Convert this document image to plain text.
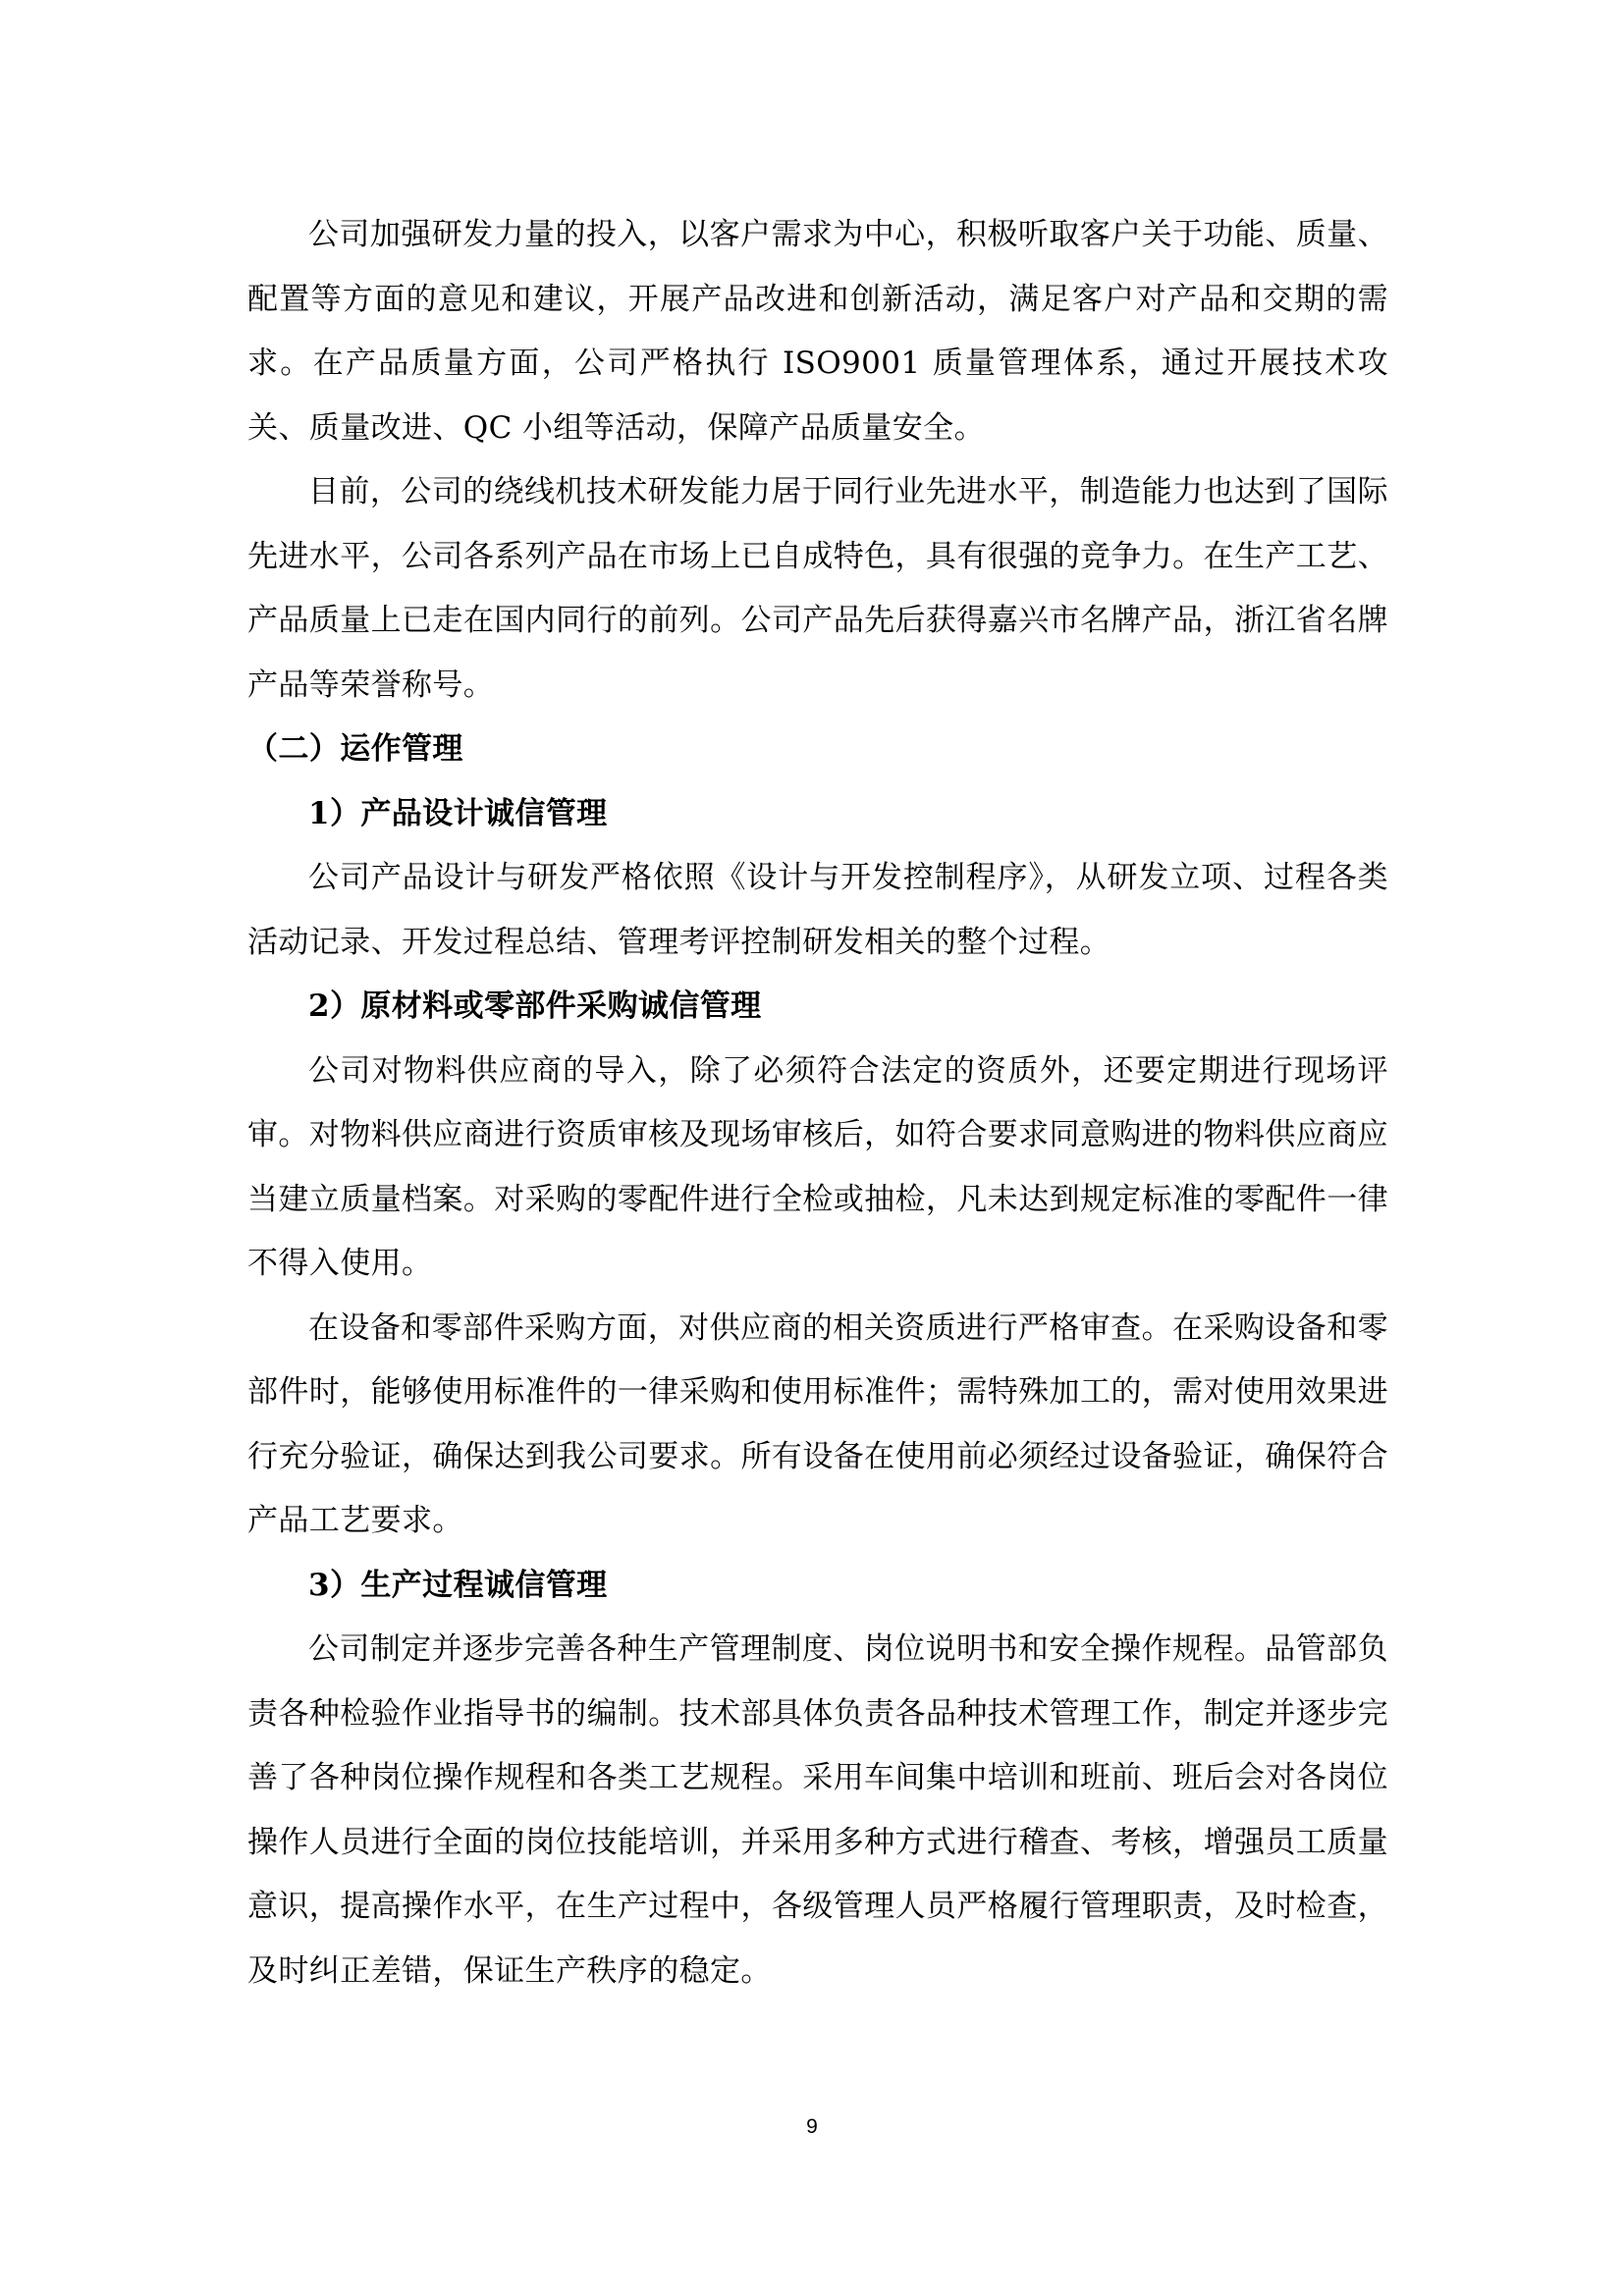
公司加强研发力量的投入，以客户需求为中心，积极听取客户关于功能、质量、配置等方面的意见和建议，开展产品改进和创新活动，满足客户对产品和交期的需求。在产品质量方面，公司严格执行 ISO9001 质量管理体系，通过开展技术攻关、质量改进、QC 小组等活动，保障产品质量安全。

目前，公司的绕线机技术研发能力居于同行业先进水平，制造能力也达到了国际先进水平，公司各系列产品在市场上已自成特色，具有很强的竞争力。在生产工艺、产品质量上已走在国内同行的前列。公司产品先后获得嘉兴市名牌产品，浙江省名牌产品等荣誉称号。

（二）运作管理

1）产品设计诚信管理

公司产品设计与研发严格依照《设计与开发控制程序》，从研发立项、过程各类活动记录、开发过程总结、管理考评控制研发相关的整个过程。

2）原材料或零部件采购诚信管理

公司对物料供应商的导入，除了必须符合法定的资质外，还要定期进行现场评审。对物料供应商进行资质审核及现场审核后，如符合要求同意购进的物料供应商应当建立质量档案。对采购的零配件进行全检或抽检，凡未达到规定标准的零配件一律不得入使用。

在设备和零部件采购方面，对供应商的相关资质进行严格审查。在采购设备和零部件时，能够使用标准件的一律采购和使用标准件；需特殊加工的，需对使用效果进行充分验证，确保达到我公司要求。所有设备在使用前必须经过设备验证，确保符合产品工艺要求。

3）生产过程诚信管理

公司制定并逐步完善各种生产管理制度、岗位说明书和安全操作规程。品管部负责各种检验作业指导书的编制。技术部具体负责各品种技术管理工作，制定并逐步完善了各种岗位操作规程和各类工艺规程。采用车间集中培训和班前、班后会对各岗位操作人员进行全面的岗位技能培训，并采用多种方式进行稽查、考核，增强员工质量意识，提高操作水平，在生产过程中，各级管理人员严格履行管理职责，及时检查，及时纠正差错，保证生产秩序的稳定。

9
